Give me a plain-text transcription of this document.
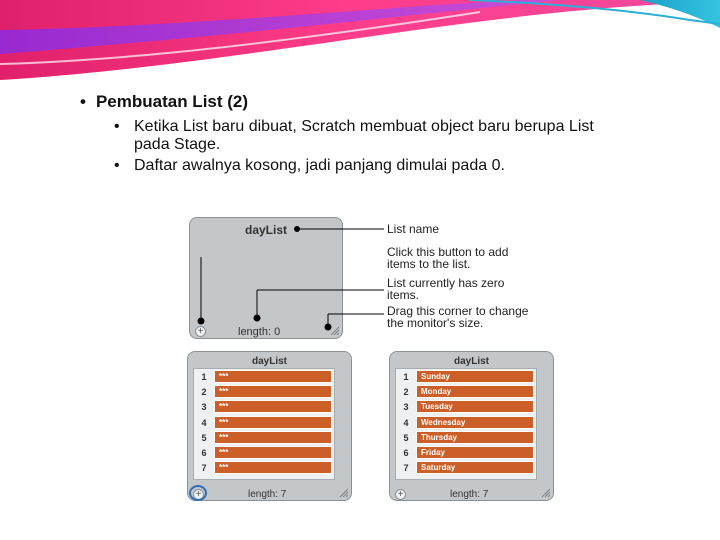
• Pembuatan List (2)
• Ketika List baru dibuat, Scratch membuat object baru berupa List
pada Stage.
• Daftar awalnya kosong, jadi panjang dimulai pada 0.
dayList
+	length: 0
List name
Click this button to add
items to the list.
List currently has zero
items.
Drag this corner to change
the monitor's size.
dayList
+	length: 7
1	***
2	***
3	***
4	***
5	***
6	***
7	***
dayList
+	length: 7
1	Sunday
2	Monday
3	Tuesday
4	Wednesday
5	Thursday
6	Friday
7	Saturday
